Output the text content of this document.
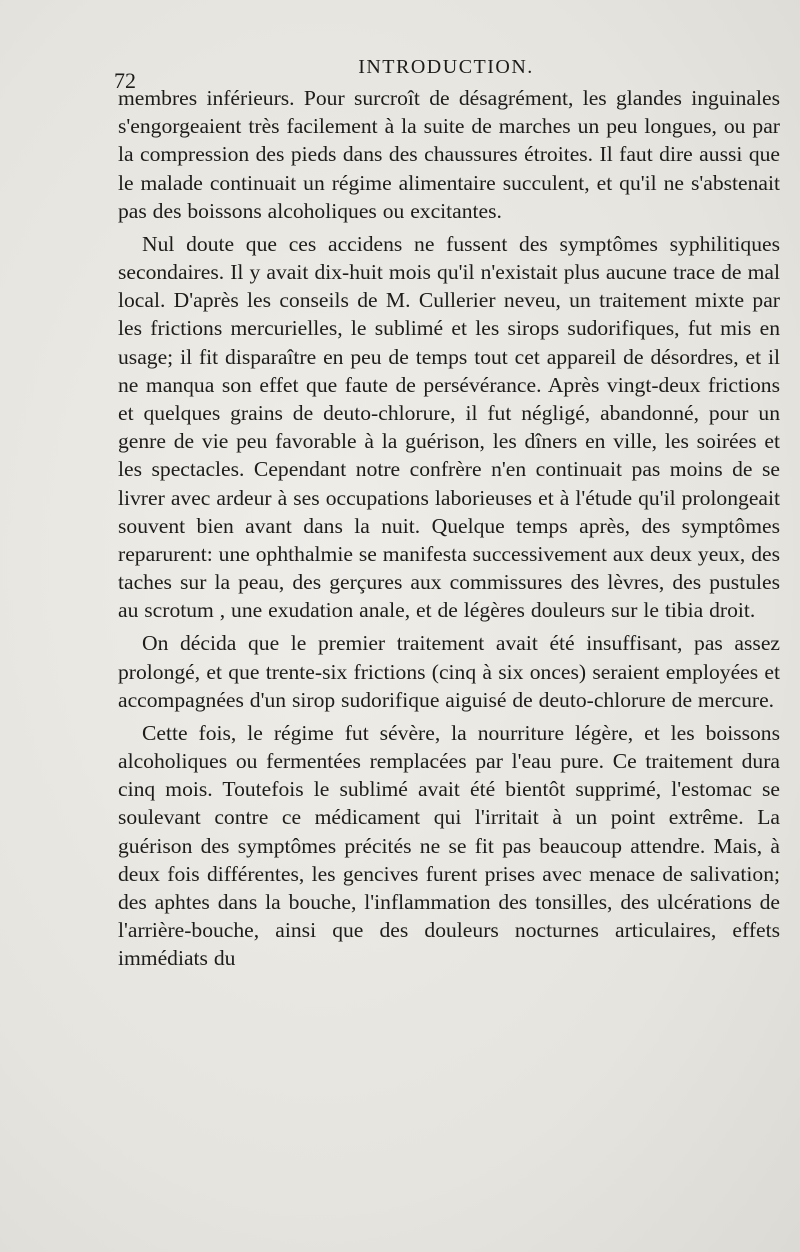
72
INTRODUCTION.

membres inférieurs. Pour surcroît de désagrément, les glandes inguinales s'engorgeaient très facilement à la suite de marches un peu longues, ou par la compression des pieds dans des chaussures étroites. Il faut dire aussi que le malade continuait un régime alimentaire succulent, et qu'il ne s'abstenait pas des boissons alcoholiques ou excitantes.

Nul doute que ces accidens ne fussent des symptômes syphilitiques secondaires. Il y avait dix-huit mois qu'il n'existait plus aucune trace de mal local. D'après les conseils de M. Cullerier neveu, un traitement mixte par les frictions mercurielles, le sublimé et les sirops sudorifiques, fut mis en usage; il fit disparaître en peu de temps tout cet appareil de désordres, et il ne manqua son effet que faute de persévérance. Après vingt-deux frictions et quelques grains de deuto-chlorure, il fut négligé, abandonné, pour un genre de vie peu favorable à la guérison, les dîners en ville, les soirées et les spectacles. Cependant notre confrère n'en continuait pas moins de se livrer avec ardeur à ses occupations laborieuses et à l'étude qu'il prolongeait souvent bien avant dans la nuit. Quelque temps après, des symptômes reparurent: une ophthalmie se manifesta successivement aux deux yeux, des taches sur la peau, des gerçures aux commissures des lèvres, des pustules au scrotum , une exudation anale, et de légères douleurs sur le tibia droit.

On décida que le premier traitement avait été insuffisant, pas assez prolongé, et que trente-six frictions (cinq à six onces) seraient employées et accompagnées d'un sirop sudorifique aiguisé de deuto-chlorure de mercure.

Cette fois, le régime fut sévère, la nourriture légère, et les boissons alcoholiques ou fermentées remplacées par l'eau pure. Ce traitement dura cinq mois. Toutefois le sublimé avait été bientôt supprimé, l'estomac se soulevant contre ce médicament qui l'irritait à un point extrême. La guérison des symptômes précités ne se fit pas beaucoup attendre. Mais, à deux fois différentes, les gencives furent prises avec menace de salivation; des aphtes dans la bouche, l'inflammation des tonsilles, des ulcérations de l'arrière-bouche, ainsi que des douleurs nocturnes articulaires, effets immédiats du
